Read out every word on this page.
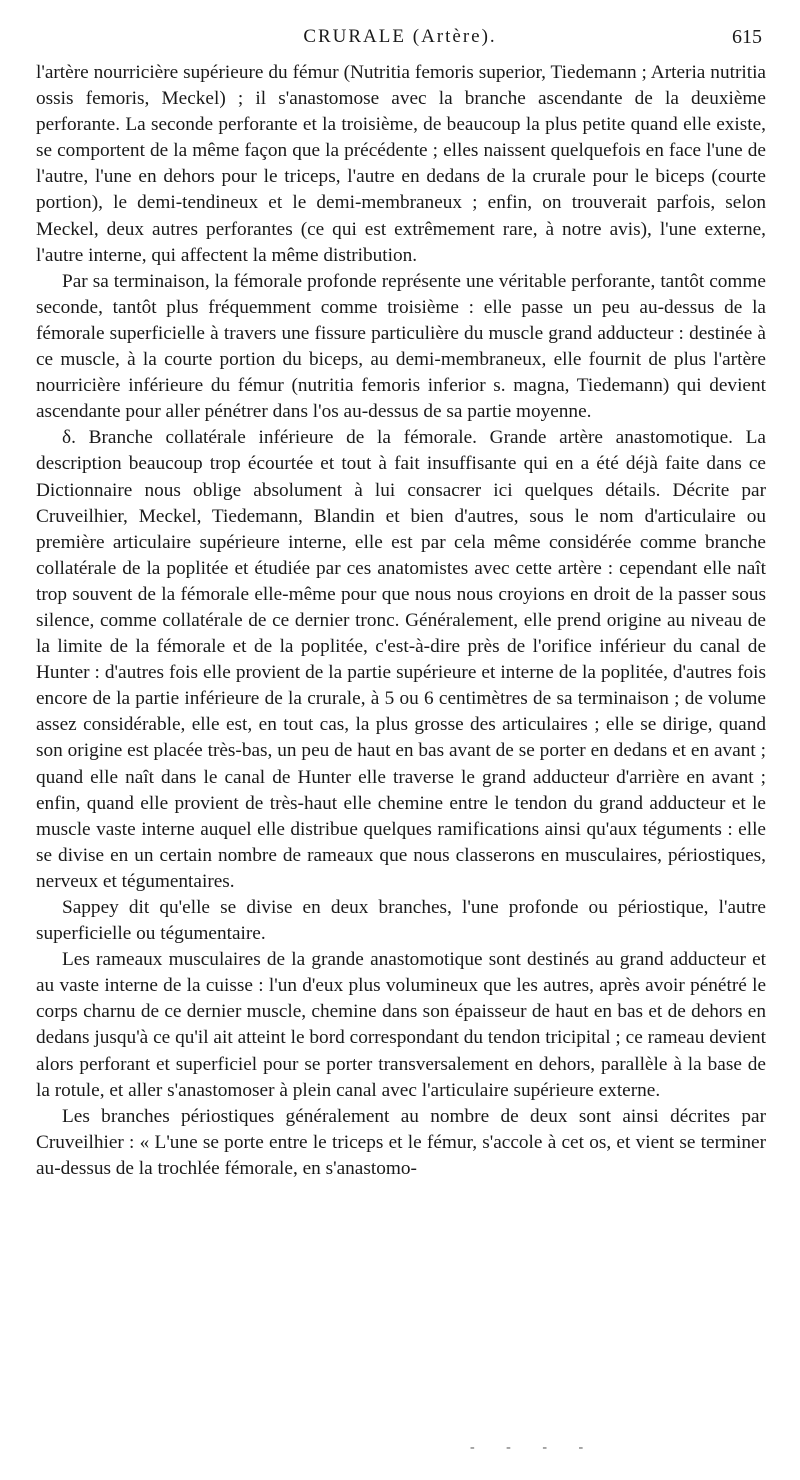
CRURALE (Artère).	615

l'artère nourricière supérieure du fémur (Nutritia femoris superior, Tiedemann ; Arteria nutritia ossis femoris, Meckel) ; il s'anastomose avec la branche ascendante de la deuxième perforante. La seconde perforante et la troisième, de beaucoup la plus petite quand elle existe, se comportent de la même façon que la précédente ; elles naissent quelquefois en face l'une de l'autre, l'une en dehors pour le triceps, l'autre en dedans de la crurale pour le biceps (courte portion), le demi-tendineux et le demi-membraneux ; enfin, on trouverait parfois, selon Meckel, deux autres perforantes (ce qui est extrêmement rare, à notre avis), l'une externe, l'autre interne, qui affectent la même distribution.

Par sa terminaison, la fémorale profonde représente une véritable perforante, tantôt comme seconde, tantôt plus fréquemment comme troisième : elle passe un peu au-dessus de la fémorale superficielle à travers une fissure particulière du muscle grand adducteur : destinée à ce muscle, à la courte portion du biceps, au demi-membraneux, elle fournit de plus l'artère nourricière inférieure du fémur (nutritia femoris inferior s. magna, Tiedemann) qui devient ascendante pour aller pénétrer dans l'os au-dessus de sa partie moyenne.

δ. Branche collatérale inférieure de la fémorale. Grande artère anastomotique. La description beaucoup trop écourtée et tout à fait insuffisante qui en a été déjà faite dans ce Dictionnaire nous oblige absolument à lui consacrer ici quelques détails. Décrite par Cruveilhier, Meckel, Tiedemann, Blandin et bien d'autres, sous le nom d'articulaire ou première articulaire supérieure interne, elle est par cela même considérée comme branche collatérale de la poplitée et étudiée par ces anatomistes avec cette artère : cependant elle naît trop souvent de la fémorale elle-même pour que nous nous croyions en droit de la passer sous silence, comme collatérale de ce dernier tronc. Généralement, elle prend origine au niveau de la limite de la fémorale et de la poplitée, c'est-à-dire près de l'orifice inférieur du canal de Hunter : d'autres fois elle provient de la partie supérieure et interne de la poplitée, d'autres fois encore de la partie inférieure de la crurale, à 5 ou 6 centimètres de sa terminaison ; de volume assez considérable, elle est, en tout cas, la plus grosse des articulaires ; elle se dirige, quand son origine est placée très-bas, un peu de haut en bas avant de se porter en dedans et en avant ; quand elle naît dans le canal de Hunter elle traverse le grand adducteur d'arrière en avant ; enfin, quand elle provient de très-haut elle chemine entre le tendon du grand adducteur et le muscle vaste interne auquel elle distribue quelques ramifications ainsi qu'aux téguments : elle se divise en un certain nombre de rameaux que nous classerons en musculaires, périostiques, nerveux et tégumentaires.

Sappey dit qu'elle se divise en deux branches, l'une profonde ou périostique, l'autre superficielle ou tégumentaire.

Les rameaux musculaires de la grande anastomotique sont destinés au grand adducteur et au vaste interne de la cuisse : l'un d'eux plus volumineux que les autres, après avoir pénétré le corps charnu de ce dernier muscle, chemine dans son épaisseur de haut en bas et de dehors en dedans jusqu'à ce qu'il ait atteint le bord correspondant du tendon tricipital ; ce rameau devient alors perforant et superficiel pour se porter transversalement en dehors, parallèle à la base de la rotule, et aller s'anastomoser à plein canal avec l'articulaire supérieure externe.

Les branches périostiques généralement au nombre de deux sont ainsi décrites par Cruveilhier : « L'une se porte entre le triceps et le fémur, s'accole à cet os, et vient se terminer au-dessus de la trochlée fémorale, en s'anastomo-

- - - -
